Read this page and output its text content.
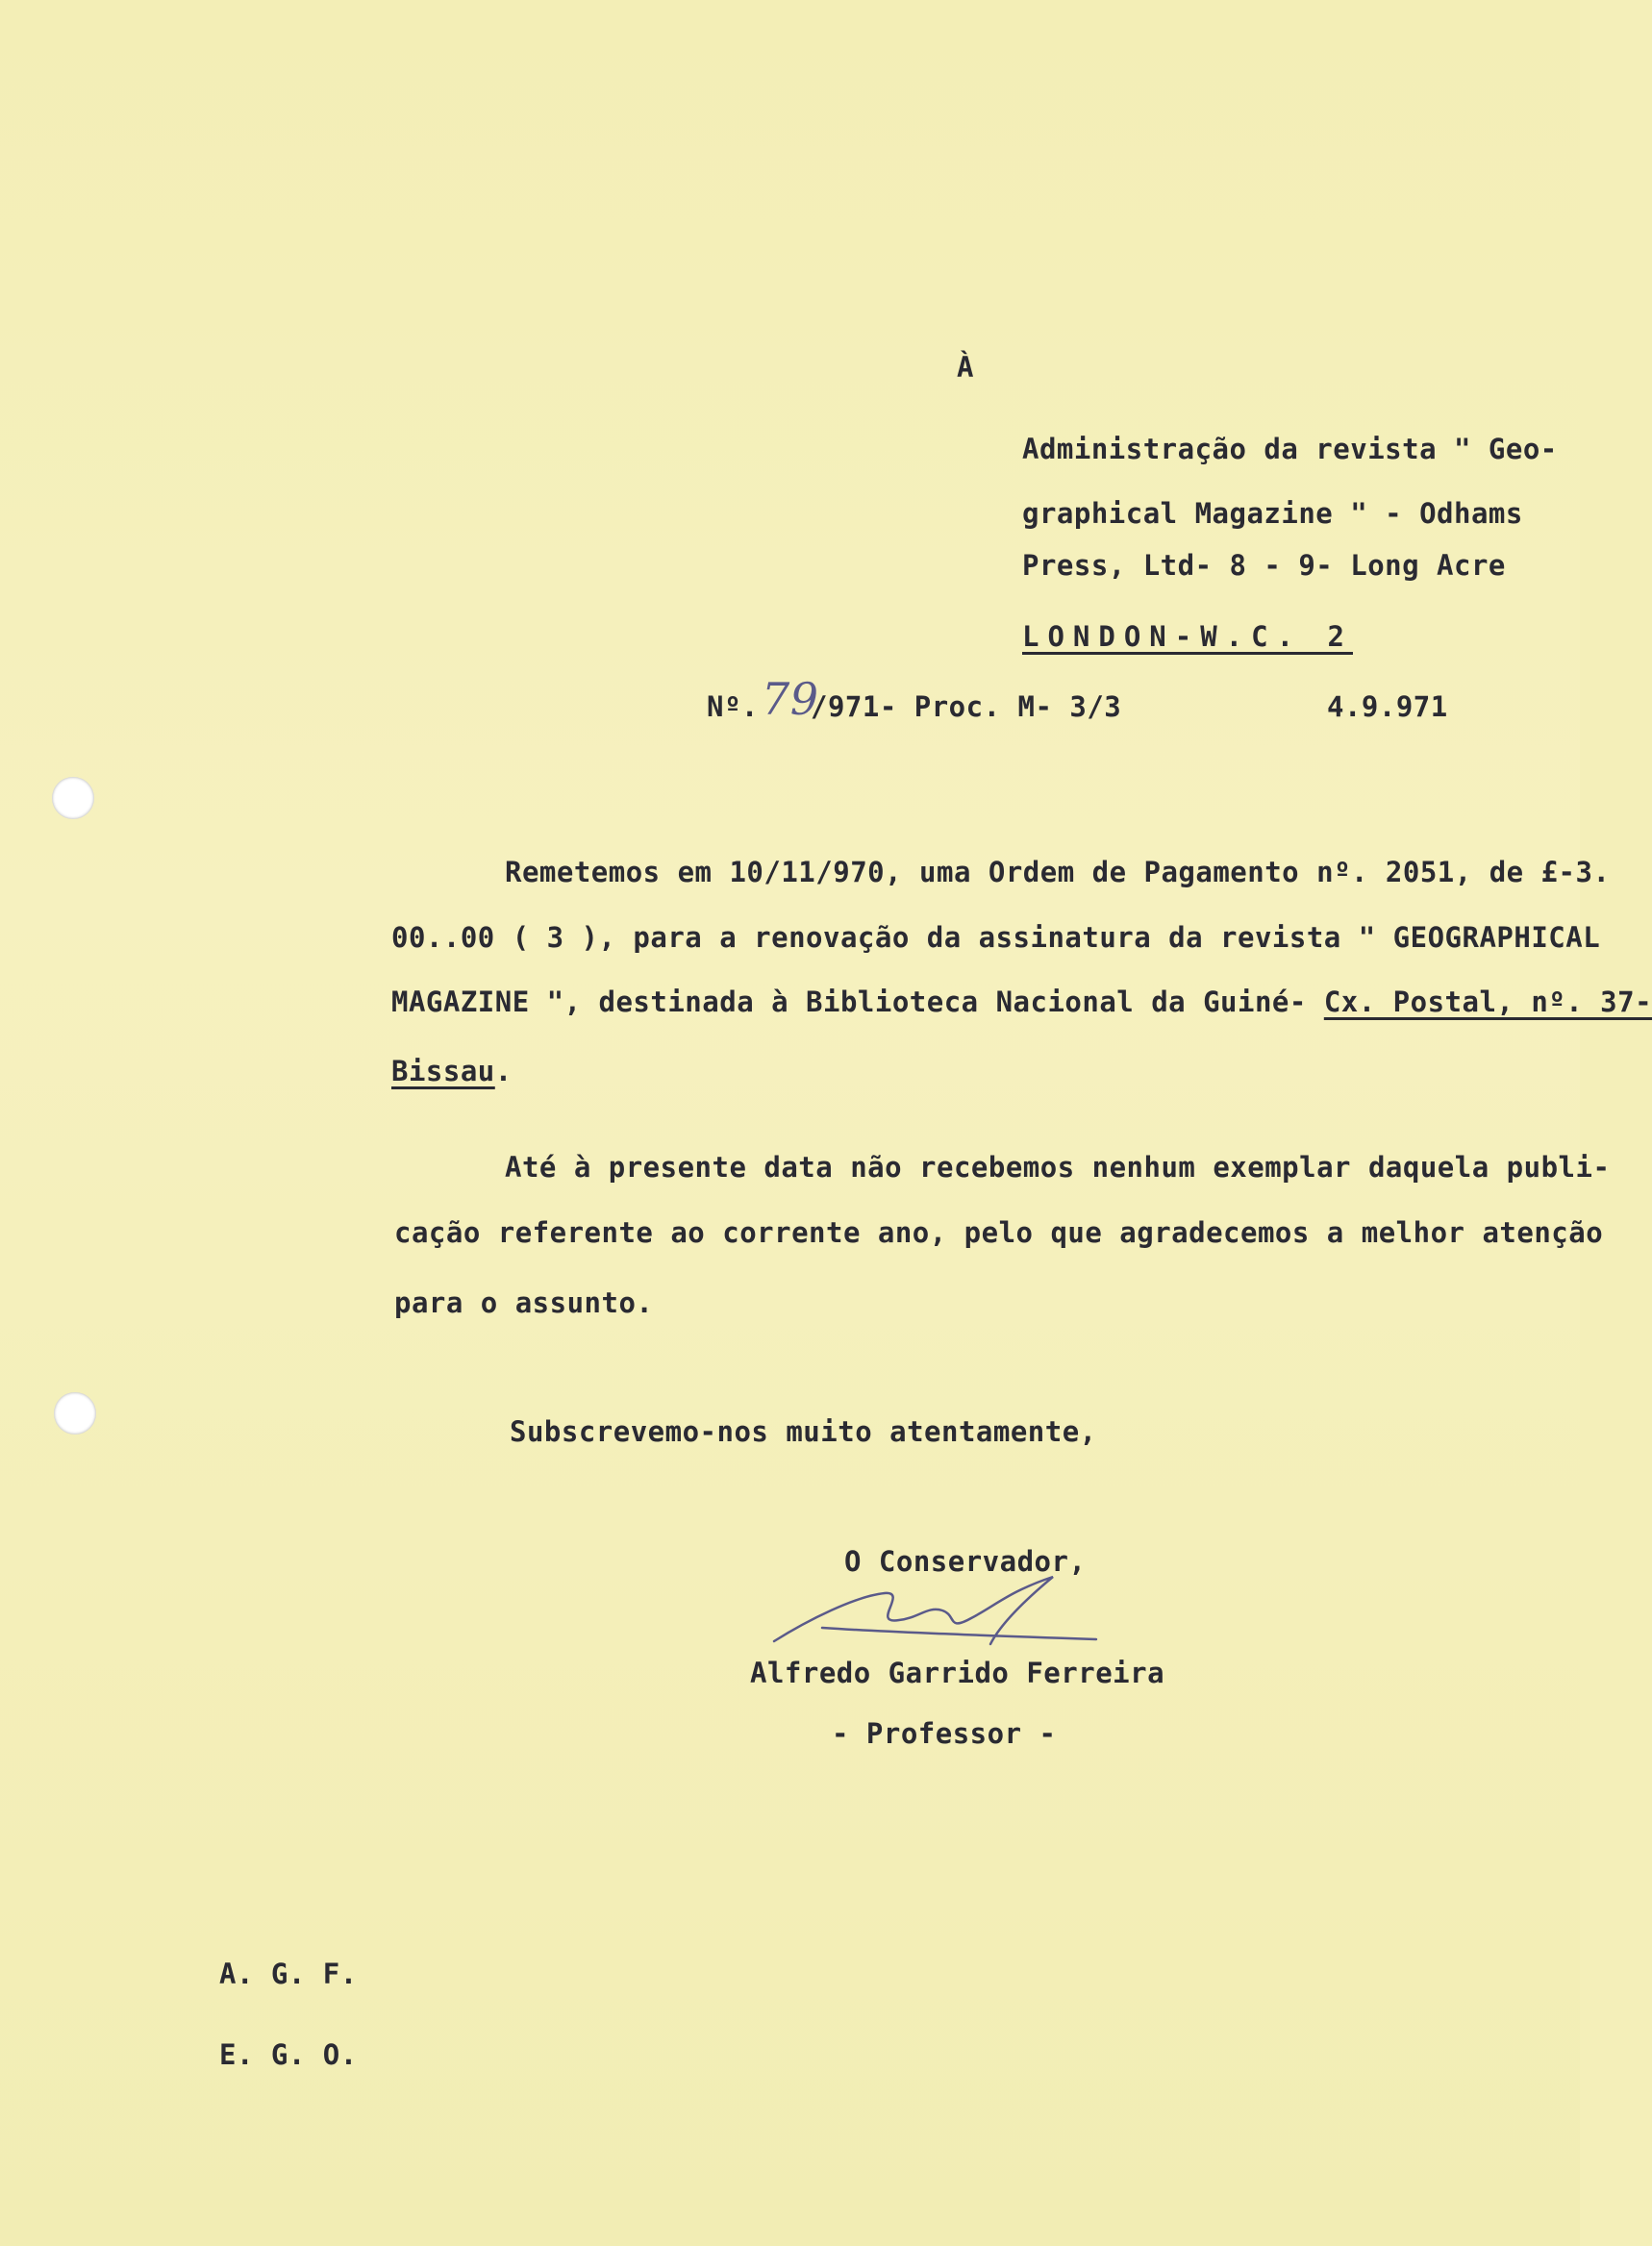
À
Administração da revista " Geo-
graphical Magazine " - Odhams
Press, Ltd- 8 - 9- Long Acre
LONDON-W.C. 2
Nº. 79
/971- Proc. M- 3/3	4.9.971
Remetemos em 10/11/970, uma Ordem de Pagamento nº. 2051, de £-3.
00..00 ( 3 ), para a renovação da assinatura da revista " GEOGRAPHICAL
MAGAZINE ", destinada à Biblioteca Nacional da Guiné- Cx. Postal, nº. 37-
Bissau.
Até à presente data não recebemos nenhum exemplar daquela publi-
cação referente ao corrente ano, pelo que agradecemos a melhor atenção
para o assunto.
Subscrevemo-nos muito atentamente,
O Conservador,
Alfredo Garrido Ferreira
- Professor -
A. G. F.
E. G. O.
